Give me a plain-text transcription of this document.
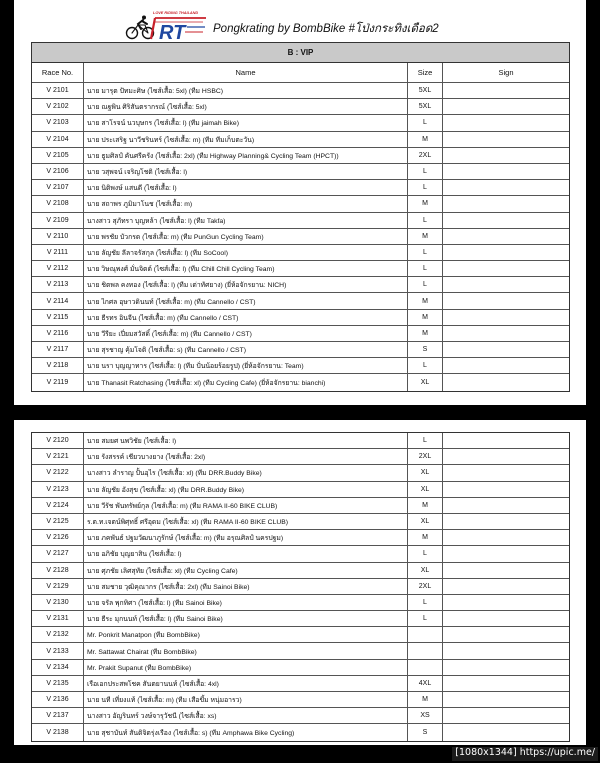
LOVE RIDING THAILAND
RT Pongkrating by BombBike #โป่งกระทิงเดือด2
B : VIP
Race No.	Name	Size	Sign
V 2101	นาย มารุต ปัทมะศิษ (ไซส์เสื้อ: 5xl) (ทีม HSBC)	5XL
V 2102	นาย ณฐพิน ศิริสันตรากรณ์ (ไซส์เสื้อ: 5xl)	5XL
V 2103	นาย สาโรจน์ นวบุษกร (ไซส์เสื้อ: l) (ทีม jaimah Bike)	L
V 2104	นาย ประเสริฐ นาวีชรินทร์ (ไซส์เสื้อ: m) (ทีม ทีมเก็บตะวัน)	M
V 2105	นาย ธูมศิลป์ คันศรีครัง (ไซส์เสื้อ: 2xl) (ทีม Highway Planning& Cycling Team (HPCT))	2XL
V 2106	นาย วสุพจน์ เจริญโชติ (ไซส์เสื้อ: l)	L
V 2107	นาย นิติพงษ์ แสนดี (ไซส์เสื้อ: l)	L
V 2108	นาย สถาพร ภูมิมาโนช (ไซส์เสื้อ: m)	M
V 2109	นางสาว สุภัทรา บุญหล้า (ไซส์เสื้อ: l) (ทีม Takfa)	L
V 2110	นาย พรชัย บัวกรด (ไซส์เสื้อ: m) (ทีม PunGun Cycling Team)	M
V 2111	นาย ลัญชัย ลีลาจรัสกุล (ไซส์เสื้อ: l) (ทีม SoCool)	L
V 2112	นาย วิษณุพงศ์ มั่นจิตต์ (ไซส์เสื้อ: l) (ทีม Chill Chill Cycling Team)	L
V 2113	นาย ชิตพล คงทอง (ไซส์เสื้อ: l) (ทีม เต่าทัศยาง) (ยี่ห้อจักรยาน: NICH)	L
V 2114	นาย ไกศล อุษาวดินนท์ (ไซส์เสื้อ: m) (ทีม Cannello / CST)	M
V 2115	นาย ธีรทร อินจีน (ไซส์เสื้อ: m) (ทีม Cannello / CST)	M
V 2116	นาย วีรียะ เปี่ยมสวัสดิ์ (ไซส์เสื้อ: m) (ทีม Cannello / CST)	M
V 2117	นาย สุรชาญ คุ้มโจติ (ไซส์เสื้อ: s) (ทีม Cannello / CST)	S
V 2118	นาย นรา บุญญาทาร (ไซส์เสื้อ: l) (ทีม ปั่นน้อยร้อยรูป) (ยี่ห้อจักรยาน: Team)	L
V 2119	นาย Thanasit Ratchasing (ไซส์เสื้อ: xl) (ทีม Cycling Cafe) (ยี่ห้อจักรยาน: bianchi)	XL
V 2120	นาย สมยศ นพวิชัย (ไซส์เสื้อ: l)	L
V 2121	นาย รังสรรค์ เชียวบางยาง (ไซส์เสื้อ: 2xl)	2XL
V 2122	นางสาว ลำราญ ปั้นอุไร (ไซส์เสื้อ: xl) (ทีม DRR.Buddy Bike)	XL
V 2123	นาย ลัญชัย อังสุข (ไซส์เสื้อ: xl) (ทีม DRR.Buddy Bike)	XL
V 2124	นาย วีรัช พันทรัพย์กุล (ไซส์เสื้อ: m) (ทีม RAMA II-60 BIKE CLUB)	M
V 2125	ร.ต.ท.เจตน์พิศุทธิ์ ศรีอุดม (ไซส์เสื้อ: xl) (ทีม RAMA II-60 BIKE CLUB)	XL
V 2126	นาย ภคพันธ์ ปฐมวัฒนาภูรักษ์ (ไซส์เสื้อ: m) (ทีม อรุณศิลป์ นครปฐม)	M
V 2127	นาย อภิชัย บุญยาสิน (ไซส์เสื้อ: l)	L
V 2128	นาย ศุภชัย เลิศสุทัย (ไซส์เสื้อ: xl) (ทีม Cycling Cafe)	XL
V 2129	นาย สมชาย วุฒิคุณากร (ไซส์เสื้อ: 2xl) (ทีม Sainoi Bike)	2XL
V 2130	นาย จรัล พุกทิศา (ไซส์เสื้อ: l) (ทีม Sainoi Bike)	L
V 2131	นาย ธีระ มุกนนท์ (ไซส์เสื้อ: l) (ทีม Sainoi Bike)	L
V 2132	Mr. Ponkrit Manatpon (ทีม BombBike)
V 2133	Mr. Sattawat Chairat (ทีม BombBike)
V 2134	Mr. Prakit Supanut (ทีม BombBike)
V 2135	เรือเอกประสพโชค สันตยานนท์ (ไซส์เสื้อ: 4xl)	4XL
V 2136	นาย นที เที่ยงแท้ (ไซส์เสื้อ: m) (ทีม เสือขึ้ม หนุ่มอารว)	M
V 2137	นางสาว อัญรินทร์ วงษ์จารุวัชนี (ไซส์เสื้อ: xs)	XS
V 2138	นาย สุชาบันท์ สันติจิตรุ่งเรือง (ไซส์เสื้อ: s) (ทีม Amphawa Bike Cycling)	S
[1080x1344] https://upic.me/
